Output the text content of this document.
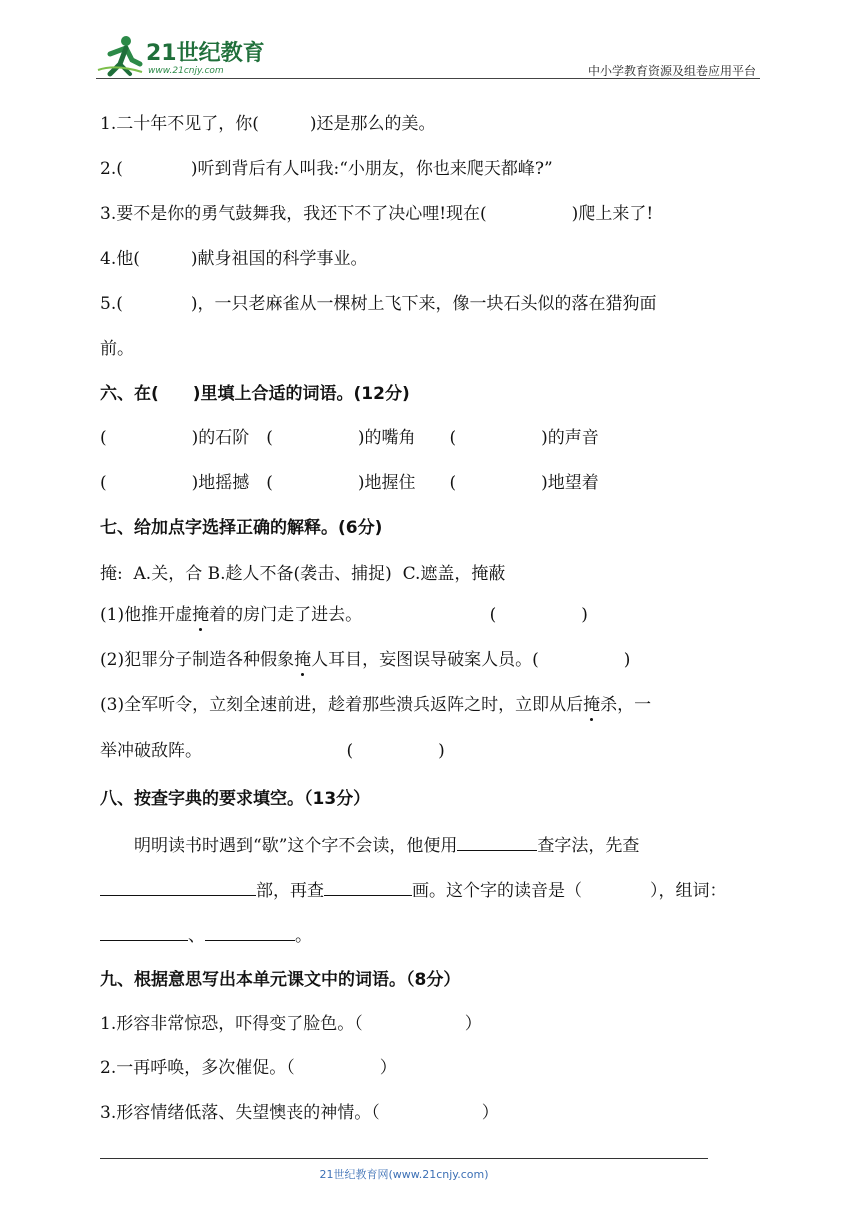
21世纪教育
www.21cnjy.com	中小学教育资源及组卷应用平台
1.二十年不见了，你(　　　)还是那么的美。
2.(　　　　)听到背后有人叫我:“小朋友，你也来爬天都峰?”
3.要不是你的勇气鼓舞我，我还下不了决心哩!现在(　　　　　)爬上来了!
4.他(　　　)献身祖国的科学事业。
5.(　　　　)，一只老麻雀从一棵树上飞下来，像一块石头似的落在猎狗面
前。
六、在(　　)里填上合适的词语。(12分)
(　　　　　)的石阶　(　　　　　)的嘴角　　(　　　　　)的声音
(　　　　　)地摇撼　(　　　　　)地握住　　(　　　　　)地望着
七、给加点字选择正确的解释。(6分)
掩:  A.关，合 B.趁人不备(袭击、捕捉)  C.遮盖，掩蔽
(1)他推开虚掩着的房门走了进去。　　　　　　　　(　　　　　)
(2)犯罪分子制造各种假象掩人耳目，妄图误导破案人员。(　　　　　)
(3)全军听令，立刻全速前进，趁着那些溃兵返阵之时，立即从后掩杀，一
举冲破敌阵。　　　　　　　　　(　　　　　)
八、按查字典的要求填空。（13分）
　　明明读书时遇到“歇”这个字不会读，他便用	查字法，先查
部，再查	画。这个字的读音是（　　　　），组词：
、	。
九、根据意思写出本单元课文中的词语。（8分）
1.形容非常惊恐，吓得变了脸色。（　　　　　　）
2.一再呼唤，多次催促。（　　　　　）
3.形容情绪低落、失望懊丧的神情。（　　　　　　）
21世纪教育网(www.21cnjy.com)
